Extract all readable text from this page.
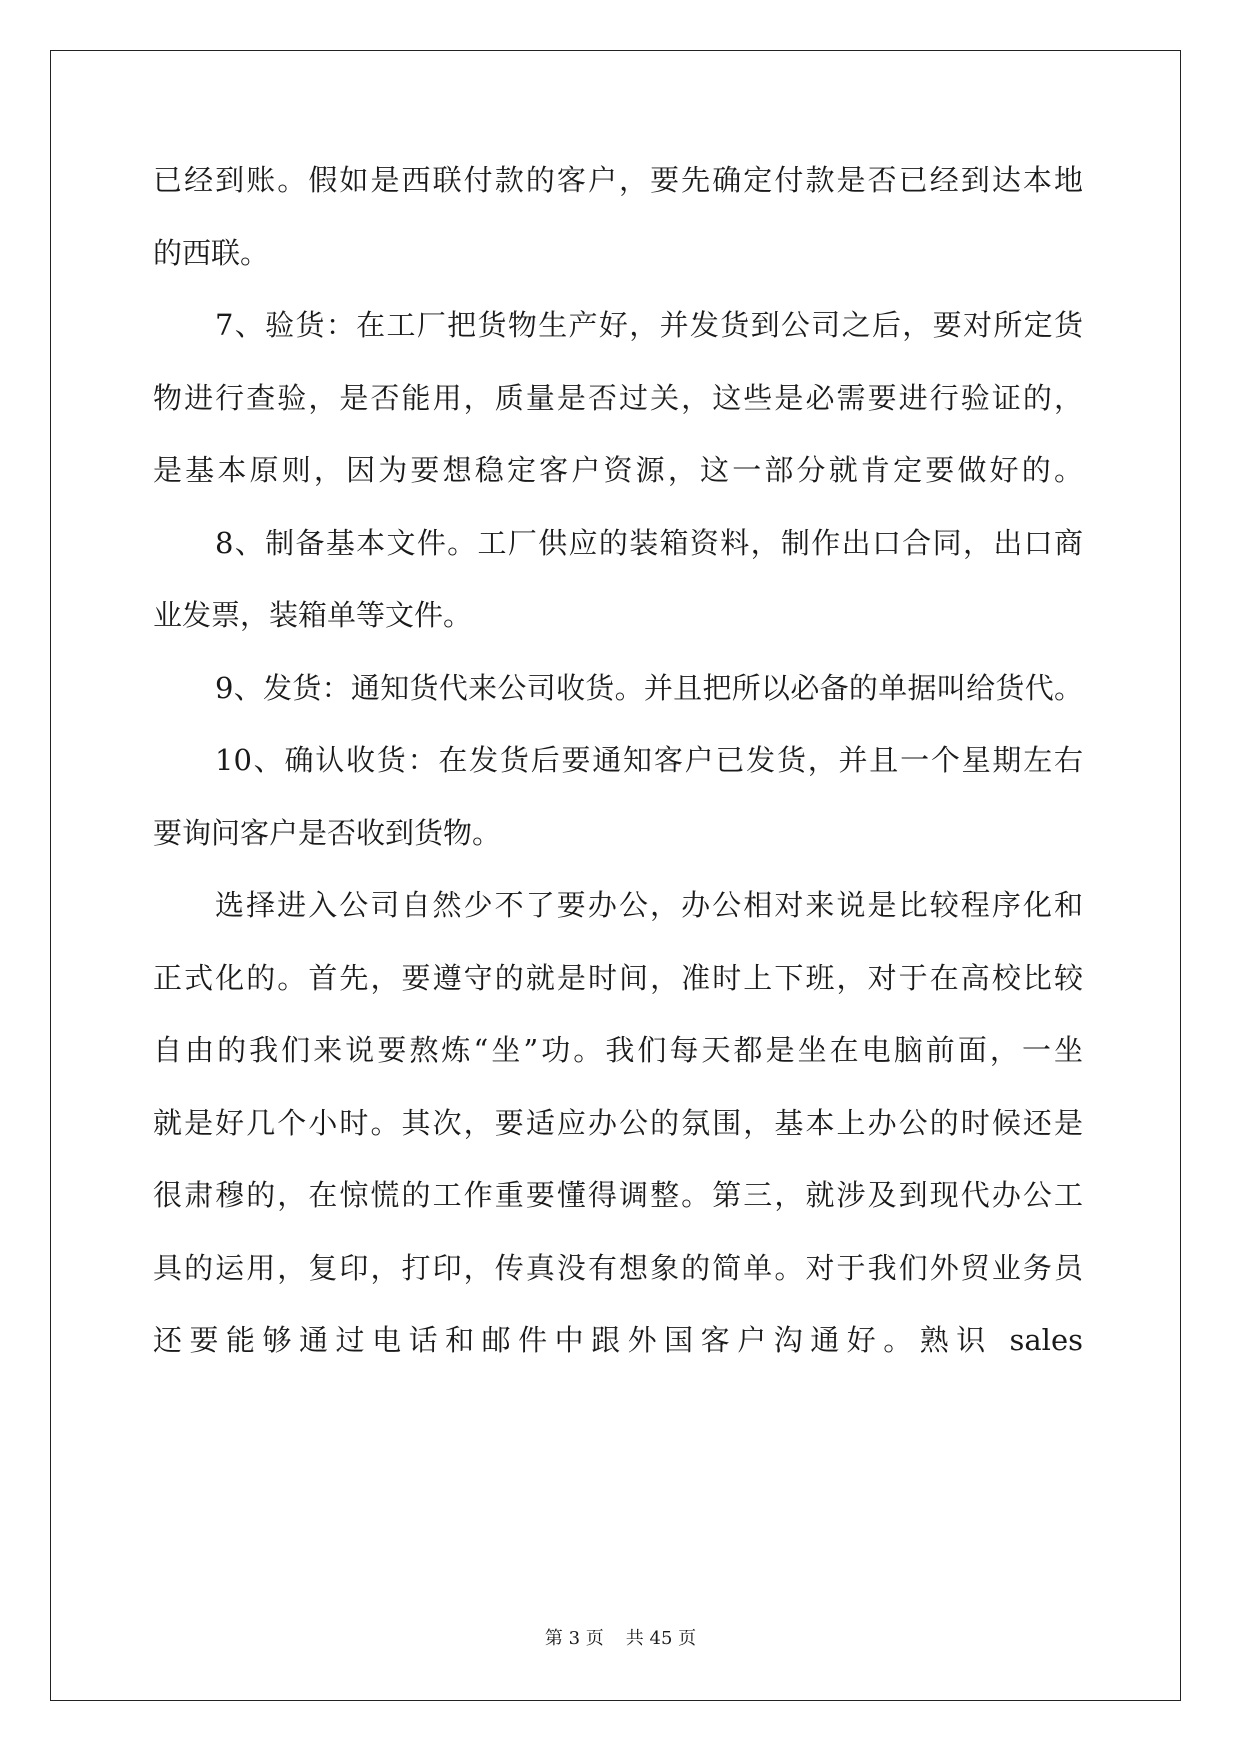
已经到账。假如是西联付款的客户，要先确定付款是否已经到达本地
的西联。
7、验货：在工厂把货物生产好，并发货到公司之后，要对所定货
物进行查验，是否能用，质量是否过关，这些是必需要进行验证的，
是基本原则，因为要想稳定客户资源，这一部分就肯定要做好的。
8、制备基本文件。工厂供应的装箱资料，制作出口合同，出口商
业发票，装箱单等文件。
9、发货：通知货代来公司收货。并且把所以必备的单据叫给货代。
10、确认收货：在发货后要通知客户已发货，并且一个星期左右
要询问客户是否收到货物。
选择进入公司自然少不了要办公，办公相对来说是比较程序化和
正式化的。首先，要遵守的就是时间，准时上下班，对于在高校比较
自由的我们来说要熬炼“坐”功。我们每天都是坐在电脑前面，一坐
就是好几个小时。其次，要适应办公的氛围，基本上办公的时候还是
很肃穆的，在惊慌的工作重要懂得调整。第三，就涉及到现代办公工
具的运用，复印，打印，传真没有想象的简单。对于我们外贸业务员
还要能够通过电话和邮件中跟外国客户沟通好。熟识 sales
第 3 页 共 45 页
